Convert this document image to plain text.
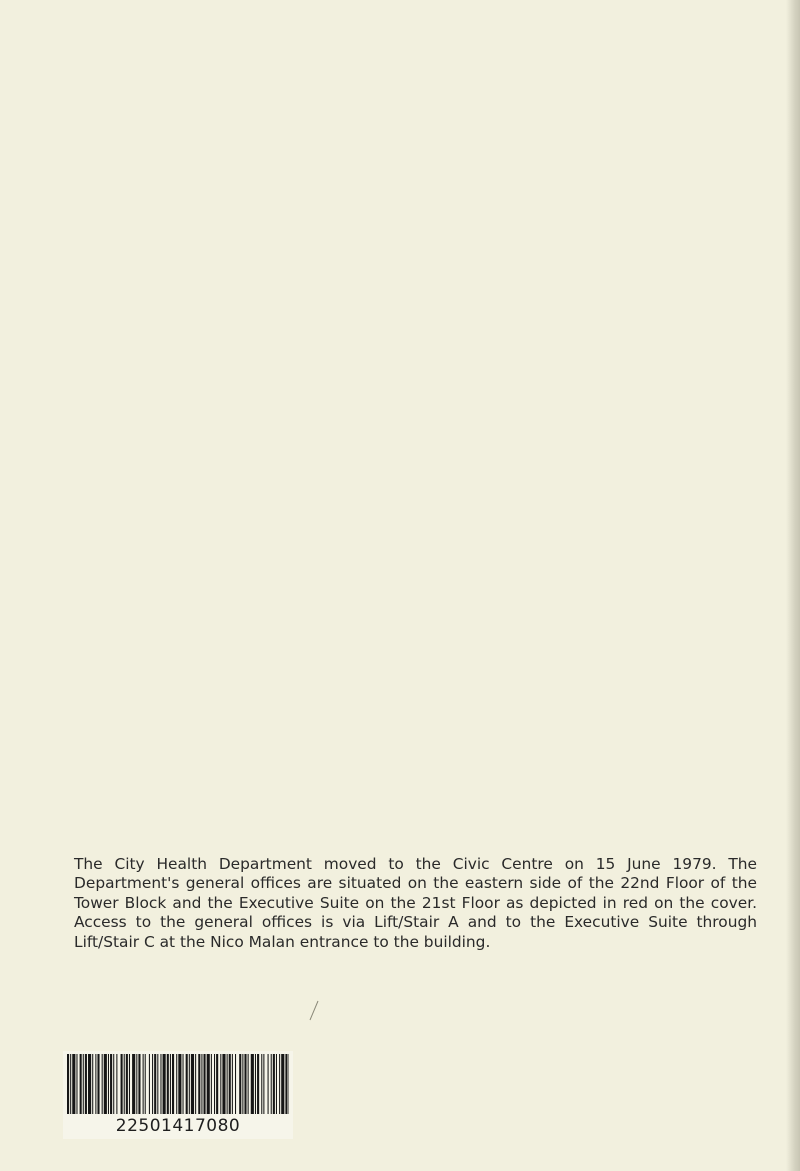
The City Health Department moved to the Civic Centre on 15 June 1979. The Department's general offices are situated on the eastern side of the 22nd Floor of the Tower Block and the Executive Suite on the 21st Floor as depicted in red on the cover. Access to the general offices is via Lift/Stair A and to the Executive Suite through Lift/Stair C at the Nico Malan entrance to the building.

22501417080
